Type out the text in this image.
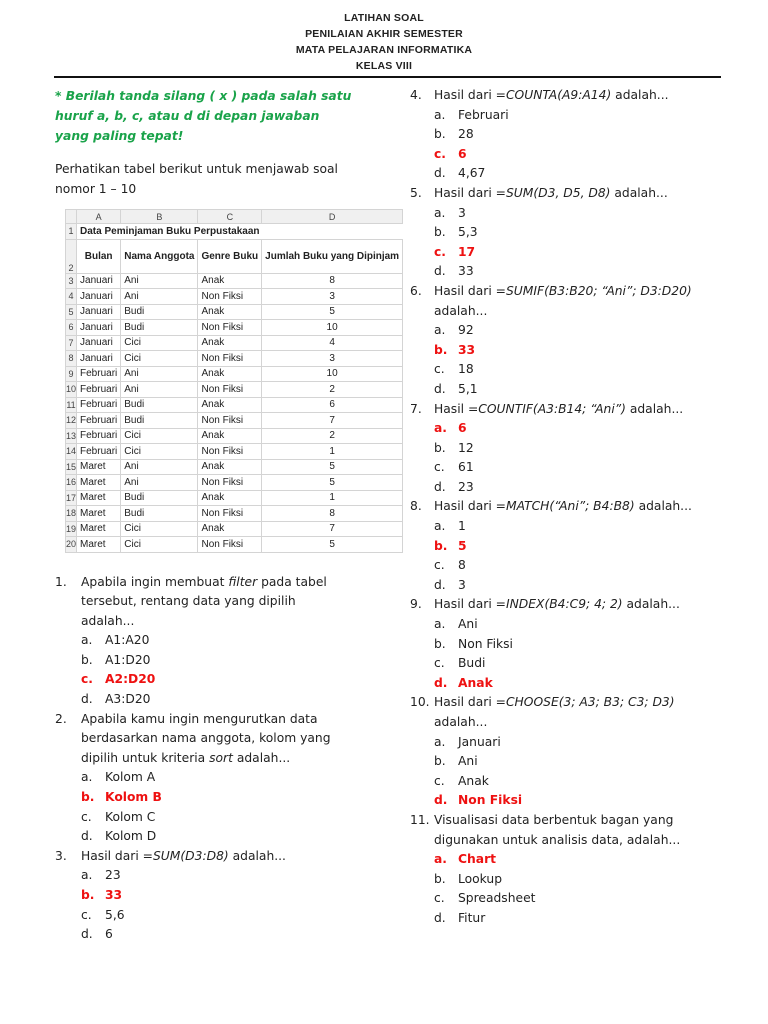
LATIHAN SOAL
PENILAIAN AKHIR SEMESTER
MATA PELAJARAN INFORMATIKA
KELAS VIII
* Berilah tanda silang ( x ) pada salah satu huruf a, b, c, atau d di depan jawaban yang paling tepat!
Perhatikan tabel berikut untuk menjawab soal nomor 1 – 10
	A	B	C	D
1	Data Peminjaman Buku Perpustakaan			
2	Bulan	Nama Anggota	Genre Buku	Jumlah Buku yang Dipinjam
3	Januari	Ani	Anak	8
4	Januari	Ani	Non Fiksi	3
5	Januari	Budi	Anak	5
6	Januari	Budi	Non Fiksi	10
7	Januari	Cici	Anak	4
8	Januari	Cici	Non Fiksi	3
9	Februari	Ani	Anak	10
10	Februari	Ani	Non Fiksi	2
11	Februari	Budi	Anak	6
12	Februari	Budi	Non Fiksi	7
13	Februari	Cici	Anak	2
14	Februari	Cici	Non Fiksi	1
15	Maret	Ani	Anak	5
16	Maret	Ani	Non Fiksi	5
17	Maret	Budi	Anak	1
18	Maret	Budi	Non Fiksi	8
19	Maret	Cici	Anak	7
20	Maret	Cici	Non Fiksi	5
1.	Apabila ingin membuat filter pada tabel
tersebut, rentang data yang dipilih
adalah...
a.	A1:A20
b. A1:D20
c. A2:D20
d. A3:D20
2.	Apabila kamu ingin mengurutkan data
berdasarkan nama anggota, kolom yang
dipilih untuk kriteria sort adalah...
a.	Kolom A
b. Kolom B
c.	Kolom C
d. Kolom D
3.	Hasil dari =SUM(D3:D8) adalah...
a.	23
b. 33
c.	5,6
d. 6
4. Hasil dari =COUNTA(A9:A14) adalah...
a.	Februari
b. 28
c. 6
d. 4,67
5. Hasil dari =SUM(D3, D5, D8) adalah...
a.	3
b. 5,3
c. 17
d. 33
6. Hasil dari =SUMIF(B3:B20; “Ani”; D3:D20)
adalah...
a.	92
b. 33
c.	18
d. 5,1
7. Hasil =COUNTIF(A3:B14; “Ani”) adalah...
a. 6
b. 12
c.	61
d. 23
8. Hasil dari =MATCH(“Ani”; B4:B8) adalah...
a.	1
b. 5
c.	8
d. 3
9. Hasil dari =INDEX(B4:C9; 4; 2) adalah...
a.	Ani
b. Non Fiksi
c.	Budi
d. Anak
10. Hasil dari =CHOOSE(3; A3; B3; C3; D3)
adalah...
a.	Januari
b. Ani
c.	Anak
d. Non Fiksi
11. Visualisasi data berbentuk bagan yang
digunakan untuk analisis data, adalah...
a. Chart
b. Lookup
c.	Spreadsheet
d. Fitur
